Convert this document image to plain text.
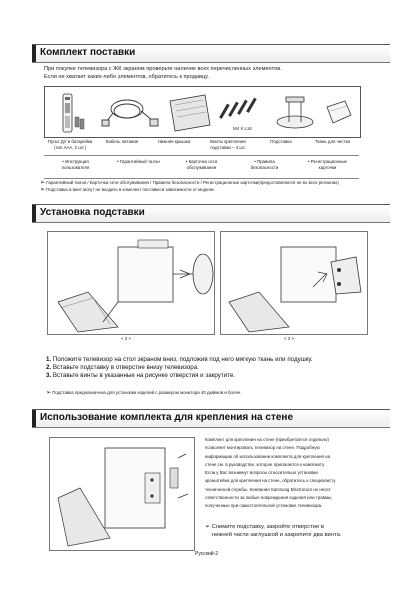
Комплект поставки
При покупке телевизора с ЖК экраном проверьте наличие всех перечисленных элементов.
Если не хватает каких-либо элементов, обратитесь к продавцу.
M4 X L16
Пульт ДУ и батарейки
(тип ААА, 2 шт.)
Кабель питания	Нижняя крышка	Винты крепления
подставки – 4 шт.
Подставка	Ткань для чистки
• Инструкция
пользователя
• Гарантийный талон	• Карточка сети
обслуживания
• Правила
безопасности
• Регистрационные
карточки
➢ Гарантийный талон / Карточка сети обслуживания / Правила безопасности / Регистрационные карточки(предоставляются не во всех регионах)
➢ Подставка и винт могут не входить в комплект поставки в зависимости от модели.
Установка подставки
< 2 >	< 3 >
1. Положите телевизор на стол экраном вниз, подложив под него мягкую ткань или подушку.
2. Вставьте подставку в отверстие внизу телевизора.
3. Вставьте винты в указанные на рисунке отверстия и закрутите.
➢ Подставка предназначена для установки изделий с размером монитора 40 дюймов и более.
Использование комплекта для крепления на стене
Комплект для крепления на стене (приобретается отдельно)
позволяет монтировать телевизор на стене. Подробную
информацию об использовании комплекта для крепления на
стене см. в руководстве, которое прилагается к комплекту.
Если у Вас возникнут вопросы относительно установки
кронштейна для крепления на стене, обратитесь к специалисту
технической службы. Компания Samsung Electronics не несет
ответственности за любые повреждения изделия или травмы,
полученные при самостоятельной установке телевизора.
➢ Снимите подставку, закройте отверстие в
нижней части заглушкой и закрепите два винта.
Русский-2
